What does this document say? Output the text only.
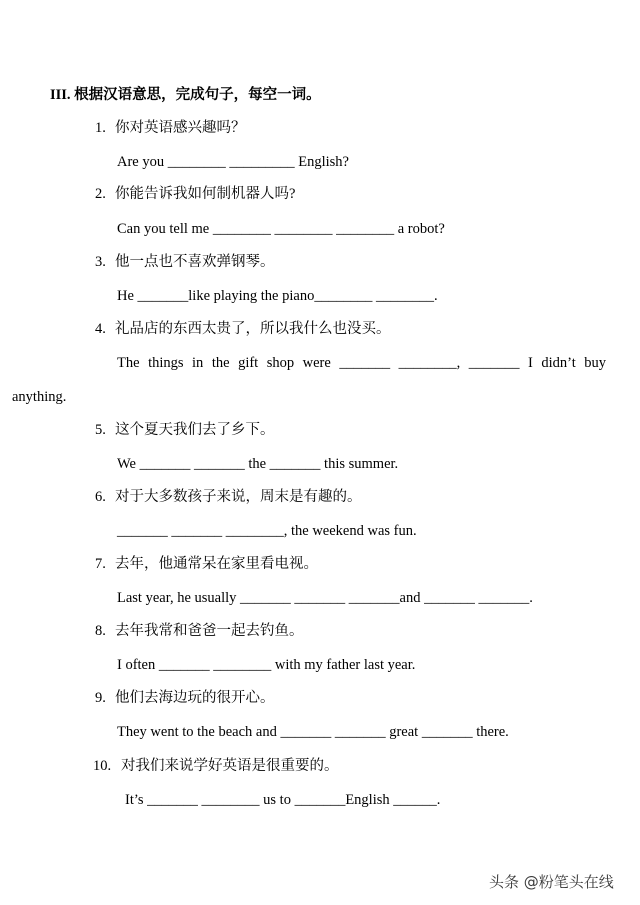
III. 根据汉语意思，完成句子，每空一词。
1. 你对英语感兴趣吗？
Are you ________ _________ English?
2. 你能告诉我如何制机器人吗?
Can you tell me ________ ________ ________ a robot?
3. 他一点也不喜欢弹钢琴。
He _______like playing the piano________ ________.
4. 礼品店的东西太贵了，所以我什么也没买。
The things in the gift shop were _______ ________, _______ I didn’t buy
anything.
5. 这个夏天我们去了乡下。
We _______ _______ the _______ this summer.
6. 对于大多数孩子来说，周末是有趣的。
_______ _______ ________, the weekend was fun.
7. 去年，他通常呆在家里看电视。
Last year, he usually _______ _______ _______and _______ _______.
8. 去年我常和爸爸一起去钓鱼。
I often _______ ________ with my father last year.
9. 他们去海边玩的很开心。
They went to the beach and _______ _______ great _______ there.
10. 对我们来说学好英语是很重要的。
It’s _______ ________ us to _______English ______.
头条 @粉笔头在线
